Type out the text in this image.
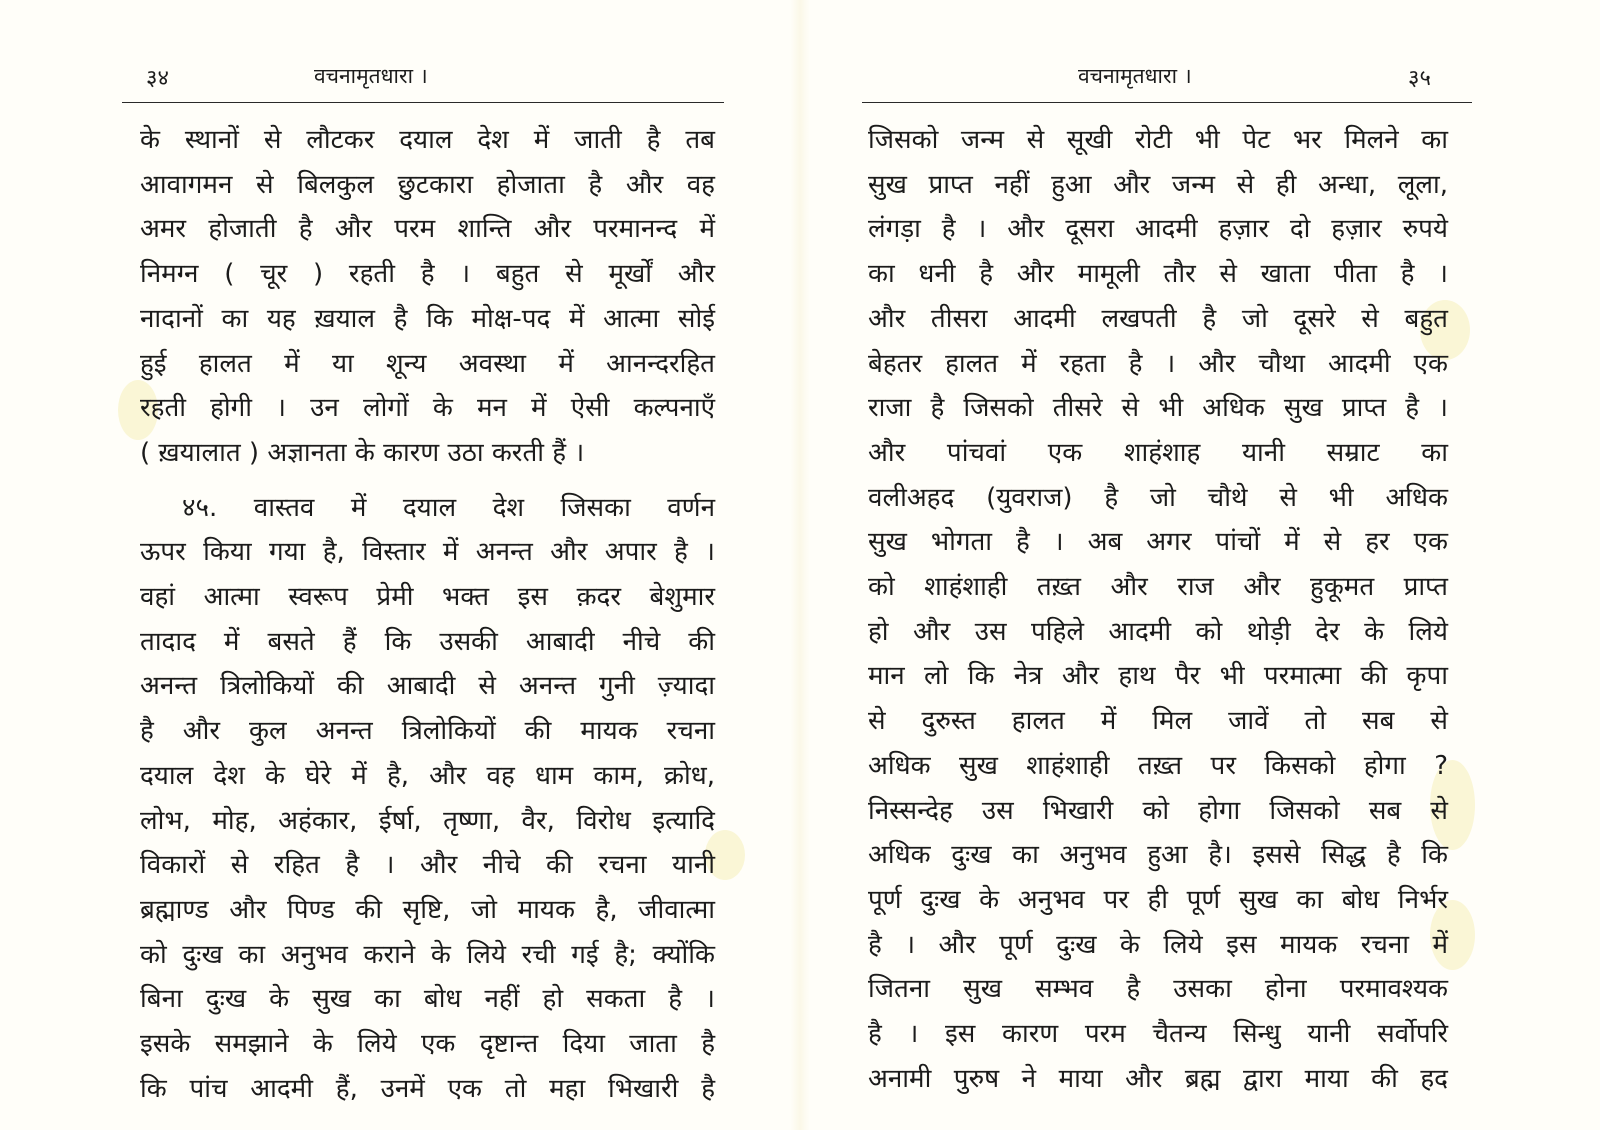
३४	वचनामृतधारा ।
के स्थानों से लौटकर दयाल देश में जाती है तब
आवागमन से बिलकुल छुटकारा होजाता है और वह
अमर होजाती है और परम शान्ति और परमानन्द में
निमग्न ( चूर ) रहती है । बहुत से मूर्खों और
नादानों का यह ख़याल है कि मोक्ष-पद में आत्मा सोई
हुई हालत में या शून्य अवस्था में आनन्दरहित
रहती होगी । उन लोगों के मन में ऐसी कल्पनाएँ
( ख़यालात ) अज्ञानता के कारण उठा करती हैं ।
४५. वास्तव में दयाल देश जिसका वर्णन
ऊपर किया गया है, विस्तार में अनन्त और अपार है ।
वहां आत्मा स्वरूप प्रेमी भक्त इस क़दर बेशुमार
तादाद में बसते हैं कि उसकी आबादी नीचे की
अनन्त त्रिलोकियों की आबादी से अनन्त गुनी ज़्यादा
है और कुल अनन्त त्रिलोकियों की मायक रचना
दयाल देश के घेरे में है, और वह धाम काम, क्रोध,
लोभ, मोह, अहंकार, ईर्षा, तृष्णा, वैर, विरोध इत्यादि
विकारों से रहित है । और नीचे की रचना यानी
ब्रह्माण्ड और पिण्ड की सृष्टि, जो मायक है, जीवात्मा
को दुःख का अनुभव कराने के लिये रची गई है; क्योंकि
बिना दुःख के सुख का बोध नहीं हो सकता है ।
इसके समझाने के लिये एक दृष्टान्त दिया जाता है
कि पांच आदमी हैं, उनमें एक तो महा भिखारी है
वचनामृतधारा ।	३५
जिसको जन्म से सूखी रोटी भी पेट भर मिलने का
सुख प्राप्त नहीं हुआ और जन्म से ही अन्धा, लूला,
लंगड़ा है । और दूसरा आदमी हज़ार दो हज़ार रुपये
का धनी है और मामूली तौर से खाता पीता है ।
और तीसरा आदमी लखपती है जो दूसरे से बहुत
बेहतर हालत में रहता है । और चौथा आदमी एक
राजा है जिसको तीसरे से भी अधिक सुख प्राप्त है ।
और पांचवां एक शाहंशाह यानी सम्राट का
वलीअहद (युवराज) है जो चौथे से भी अधिक
सुख भोगता है । अब अगर पांचों में से हर एक
को शाहंशाही तख़्त और राज और हुकूमत प्राप्त
हो और उस पहिले आदमी को थोड़ी देर के लिये
मान लो कि नेत्र और हाथ पैर भी परमात्मा की कृपा
से दुरुस्त हालत में मिल जावें तो सब से
अधिक सुख शाहंशाही तख़्त पर किसको होगा ?
निस्सन्देह उस भिखारी को होगा जिसको सब से
अधिक दुःख का अनुभव हुआ है। इससे सिद्ध है कि
पूर्ण दुःख के अनुभव पर ही पूर्ण सुख का बोध निर्भर
है । और पूर्ण दुःख के लिये इस मायक रचना में
जितना सुख सम्भव है उसका होना परमावश्यक
है । इस कारण परम चैतन्य सिन्धु यानी सर्वोपरि
अनामी पुरुष ने माया और ब्रह्म द्वारा माया की हद
